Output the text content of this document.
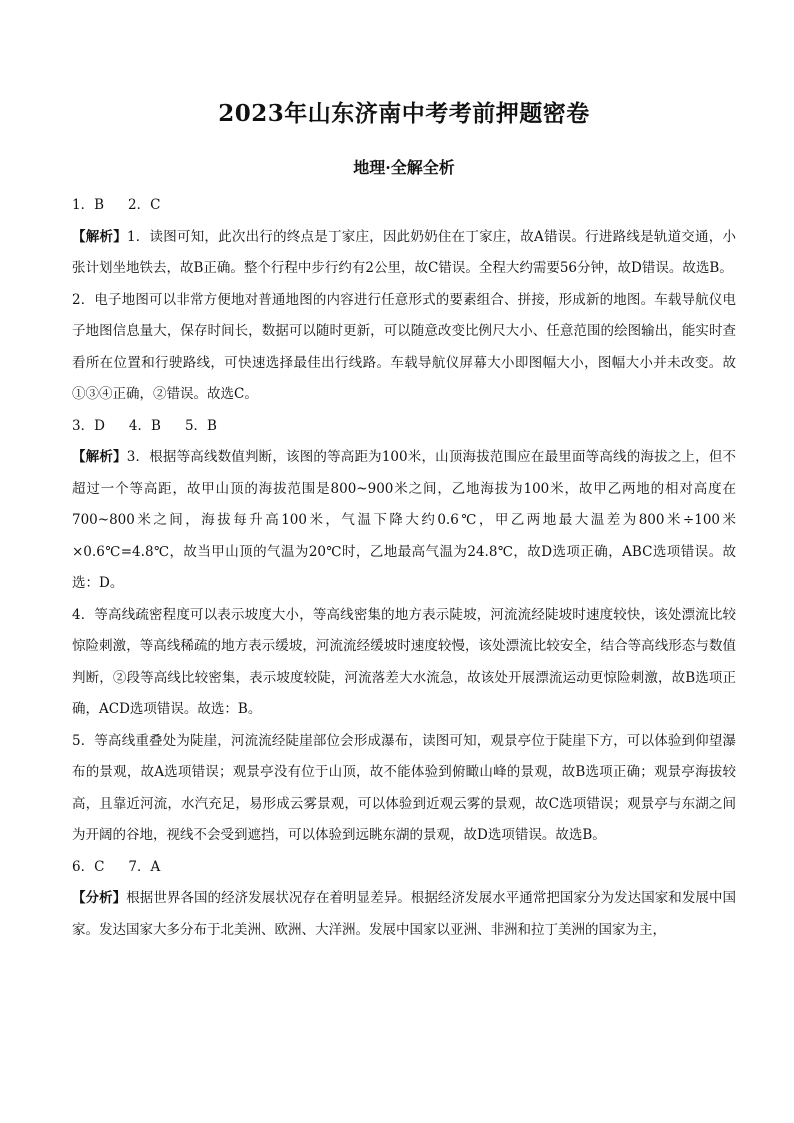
2023年山东济南中考考前押题密卷
地理·全解全析

1．B 2．C

【解析】1．读图可知，此次出行的终点是丁家庄，因此奶奶住在丁家庄，故A错误。行进路线是轨道交通，小张计划坐地铁去，故B正确。整个行程中步行约有2公里，故C错误。全程大约需要56分钟，故D错误。故选B。

2．电子地图可以非常方便地对普通地图的内容进行任意形式的要素组合、拼接，形成新的地图。车载导航仪电子地图信息量大，保存时间长，数据可以随时更新，可以随意改变比例尺大小、任意范围的绘图输出，能实时查看所在位置和行驶路线，可快速选择最佳出行线路。车载导航仪屏幕大小即图幅大小，图幅大小并未改变。故①③④正确，②错误。故选C。

3．D 4．B 5．B

【解析】3．根据等高线数值判断，该图的等高距为100米，山顶海拔范围应在最里面等高线的海拔之上，但不超过一个等高距，故甲山顶的海拔范围是800~900米之间，乙地海拔为100米，故甲乙两地的相对高度在700~800米之间，海拔每升高100米，气温下降大约0.6℃，甲乙两地最大温差为800米÷100米×0.6℃=4.8℃，故当甲山顶的气温为20℃时，乙地最高气温为24.8℃，故D选项正确，ABC选项错误。故选：D。

4．等高线疏密程度可以表示坡度大小，等高线密集的地方表示陡坡，河流流经陡坡时速度较快，该处漂流比较惊险刺激，等高线稀疏的地方表示缓坡，河流流经缓坡时速度较慢，该处漂流比较安全，结合等高线形态与数值判断，②段等高线比较密集，表示坡度较陡，河流落差大水流急，故该处开展漂流运动更惊险刺激，故B选项正确，ACD选项错误。故选：B。

5．等高线重叠处为陡崖，河流流经陡崖部位会形成瀑布，读图可知，观景亭位于陡崖下方，可以体验到仰望瀑布的景观，故A选项错误；观景亭没有位于山顶，故不能体验到俯瞰山峰的景观，故B选项正确；观景亭海拔较高，且靠近河流，水汽充足，易形成云雾景观，可以体验到近观云雾的景观，故C选项错误；观景亭与东湖之间为开阔的谷地，视线不会受到遮挡，可以体验到远眺东湖的景观，故D选项错误。故选B。

6．C 7．A

【分析】根据世界各国的经济发展状况存在着明显差异。根据经济发展水平通常把国家分为发达国家和发展中国家。发达国家大多分布于北美洲、欧洲、大洋洲。发展中国家以亚洲、非洲和拉丁美洲的国家为主，
